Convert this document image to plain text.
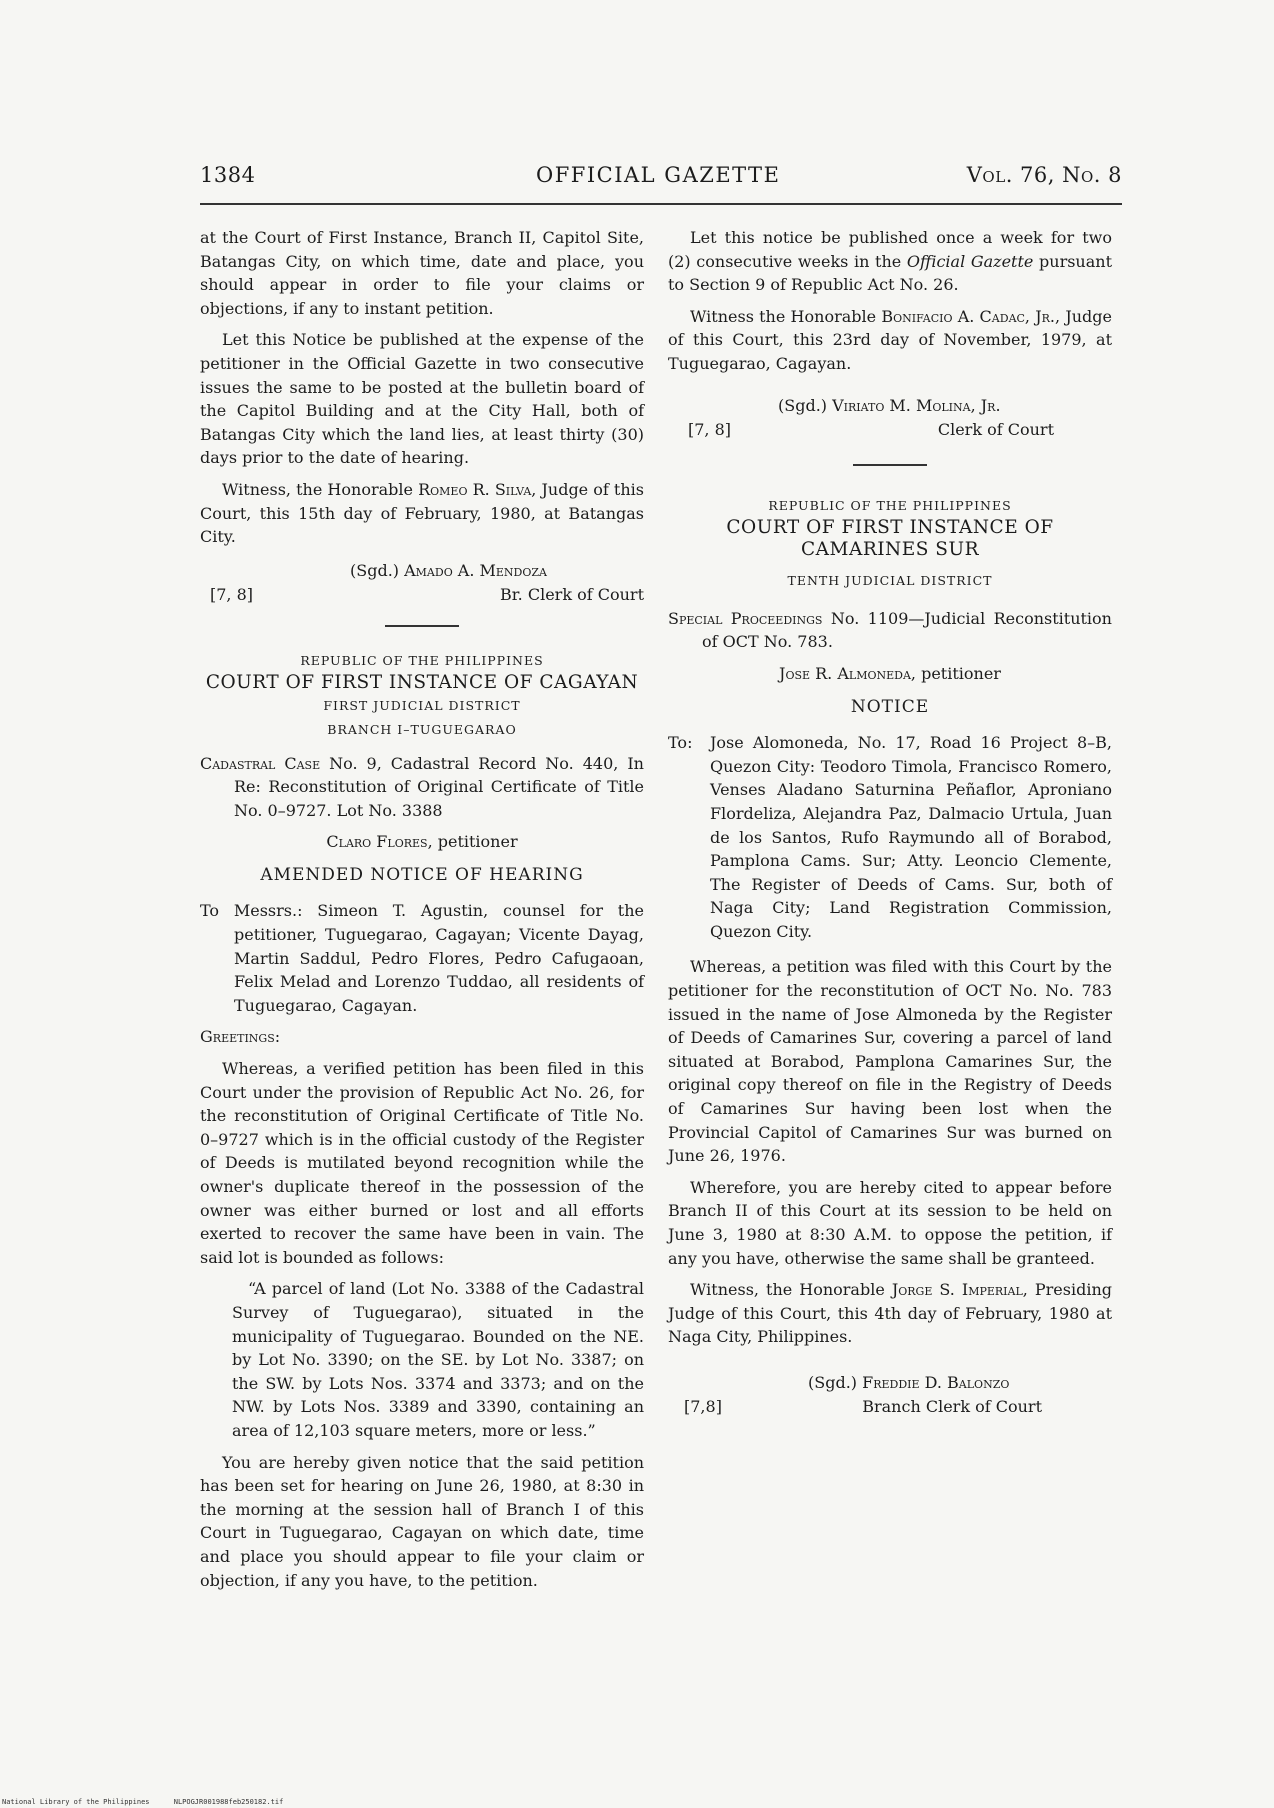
1384	OFFICIAL GAZETTE	Vol. 76, No. 8

at the Court of First Instance, Branch II, Capitol Site, Batangas City, on which time, date and place, you should appear in order to file your claims or objections, if any to instant petition.

Let this Notice be published at the expense of the petitioner in the Official Gazette in two consecutive issues the same to be posted at the bulletin board of the Capitol Building and at the City Hall, both of Batangas City which the land lies, at least thirty (30) days prior to the date of hearing.

Witness, the Honorable Romeo R. Silva, Judge of this Court, this 15th day of February, 1980, at Batangas City.

(Sgd.) Amado A. Mendoza
[7, 8]	Br. Clerk of Court
REPUBLIC OF THE PHILIPPINES
COURT OF FIRST INSTANCE OF CAGAYAN
FIRST JUDICIAL DISTRICT
BRANCH I–TUGUEGARAO

Cadastral Case No. 9, Cadastral Record No. 440, In Re: Reconstitution of Original Certificate of Title No. 0–9727. Lot No. 3388

Claro Flores, petitioner

AMENDED NOTICE OF HEARING

To Messrs.: Simeon T. Agustin, counsel for the petitioner, Tuguegarao, Cagayan; Vicente Dayag, Martin Saddul, Pedro Flores, Pedro Cafugaoan, Felix Melad and Lorenzo Tuddao, all residents of Tuguegarao, Cagayan.

Greetings:

Whereas, a verified petition has been filed in this Court under the provision of Republic Act No. 26, for the reconstitution of Original Certificate of Title No. 0–9727 which is in the official custody of the Register of Deeds is mutilated beyond recognition while the owner's duplicate thereof in the possession of the owner was either burned or lost and all efforts exerted to recover the same have been in vain. The said lot is bounded as follows:

“A parcel of land (Lot No. 3388 of the Cadastral Survey of Tuguegarao), situated in the municipality of Tuguegarao. Bounded on the NE. by Lot No. 3390; on the SE. by Lot No. 3387; on the SW. by Lots Nos. 3374 and 3373; and on the NW. by Lots Nos. 3389 and 3390, containing an area of 12,103 square meters, more or less.”

You are hereby given notice that the said petition has been set for hearing on June 26, 1980, at 8:30 in the morning at the session hall of Branch I of this Court in Tuguegarao, Cagayan on which date, time and place you should appear to file your claim or objection, if any you have, to the petition.

Let this notice be published once a week for two (2) consecutive weeks in the Official Gazette pursuant to Section 9 of Republic Act No. 26.

Witness the Honorable Bonifacio A. Cadac, Jr., Judge of this Court, this 23rd day of November, 1979, at Tuguegarao, Cagayan.

(Sgd.) Viriato M. Molina, Jr.
[7, 8]	Clerk of Court
REPUBLIC OF THE PHILIPPINES
COURT OF FIRST INSTANCE OF CAMARINES SUR
TENTH JUDICIAL DISTRICT

Special Proceedings No. 1109—Judicial Reconstitution of OCT No. 783.

Jose R. Almoneda, petitioner

NOTICE
To:	Jose Alomoneda, No. 17, Road 16 Project 8–B, Quezon City: Teodoro Timola, Francisco Romero, Venses Aladano Saturnina Peñaflor, Aproniano Flordeliza, Alejandra Paz, Dalmacio Urtula, Juan de los Santos, Rufo Raymundo all of Borabod, Pamplona Cams. Sur; Atty. Leoncio Clemente, The Register of Deeds of Cams. Sur, both of Naga City; Land Registration Commission, Quezon City.

Whereas, a petition was filed with this Court by the petitioner for the reconstitution of OCT No. No. 783 issued in the name of Jose Almoneda by the Register of Deeds of Camarines Sur, covering a parcel of land situated at Borabod, Pamplona Camarines Sur, the original copy thereof on file in the Registry of Deeds of Camarines Sur having been lost when the Provincial Capitol of Camarines Sur was burned on June 26, 1976.

Wherefore, you are hereby cited to appear before Branch II of this Court at its session to be held on June 3, 1980 at 8:30 A.M. to oppose the petition, if any you have, otherwise the same shall be granteed.

Witness, the Honorable Jorge S. Imperial, Presiding Judge of this Court, this 4th day of February, 1980 at Naga City, Philippines.

(Sgd.) Freddie D. Balonzo
[7,8]	Branch Clerk of Court
National Library of the Philippines	NLPOGJR001988feb250182.tif
